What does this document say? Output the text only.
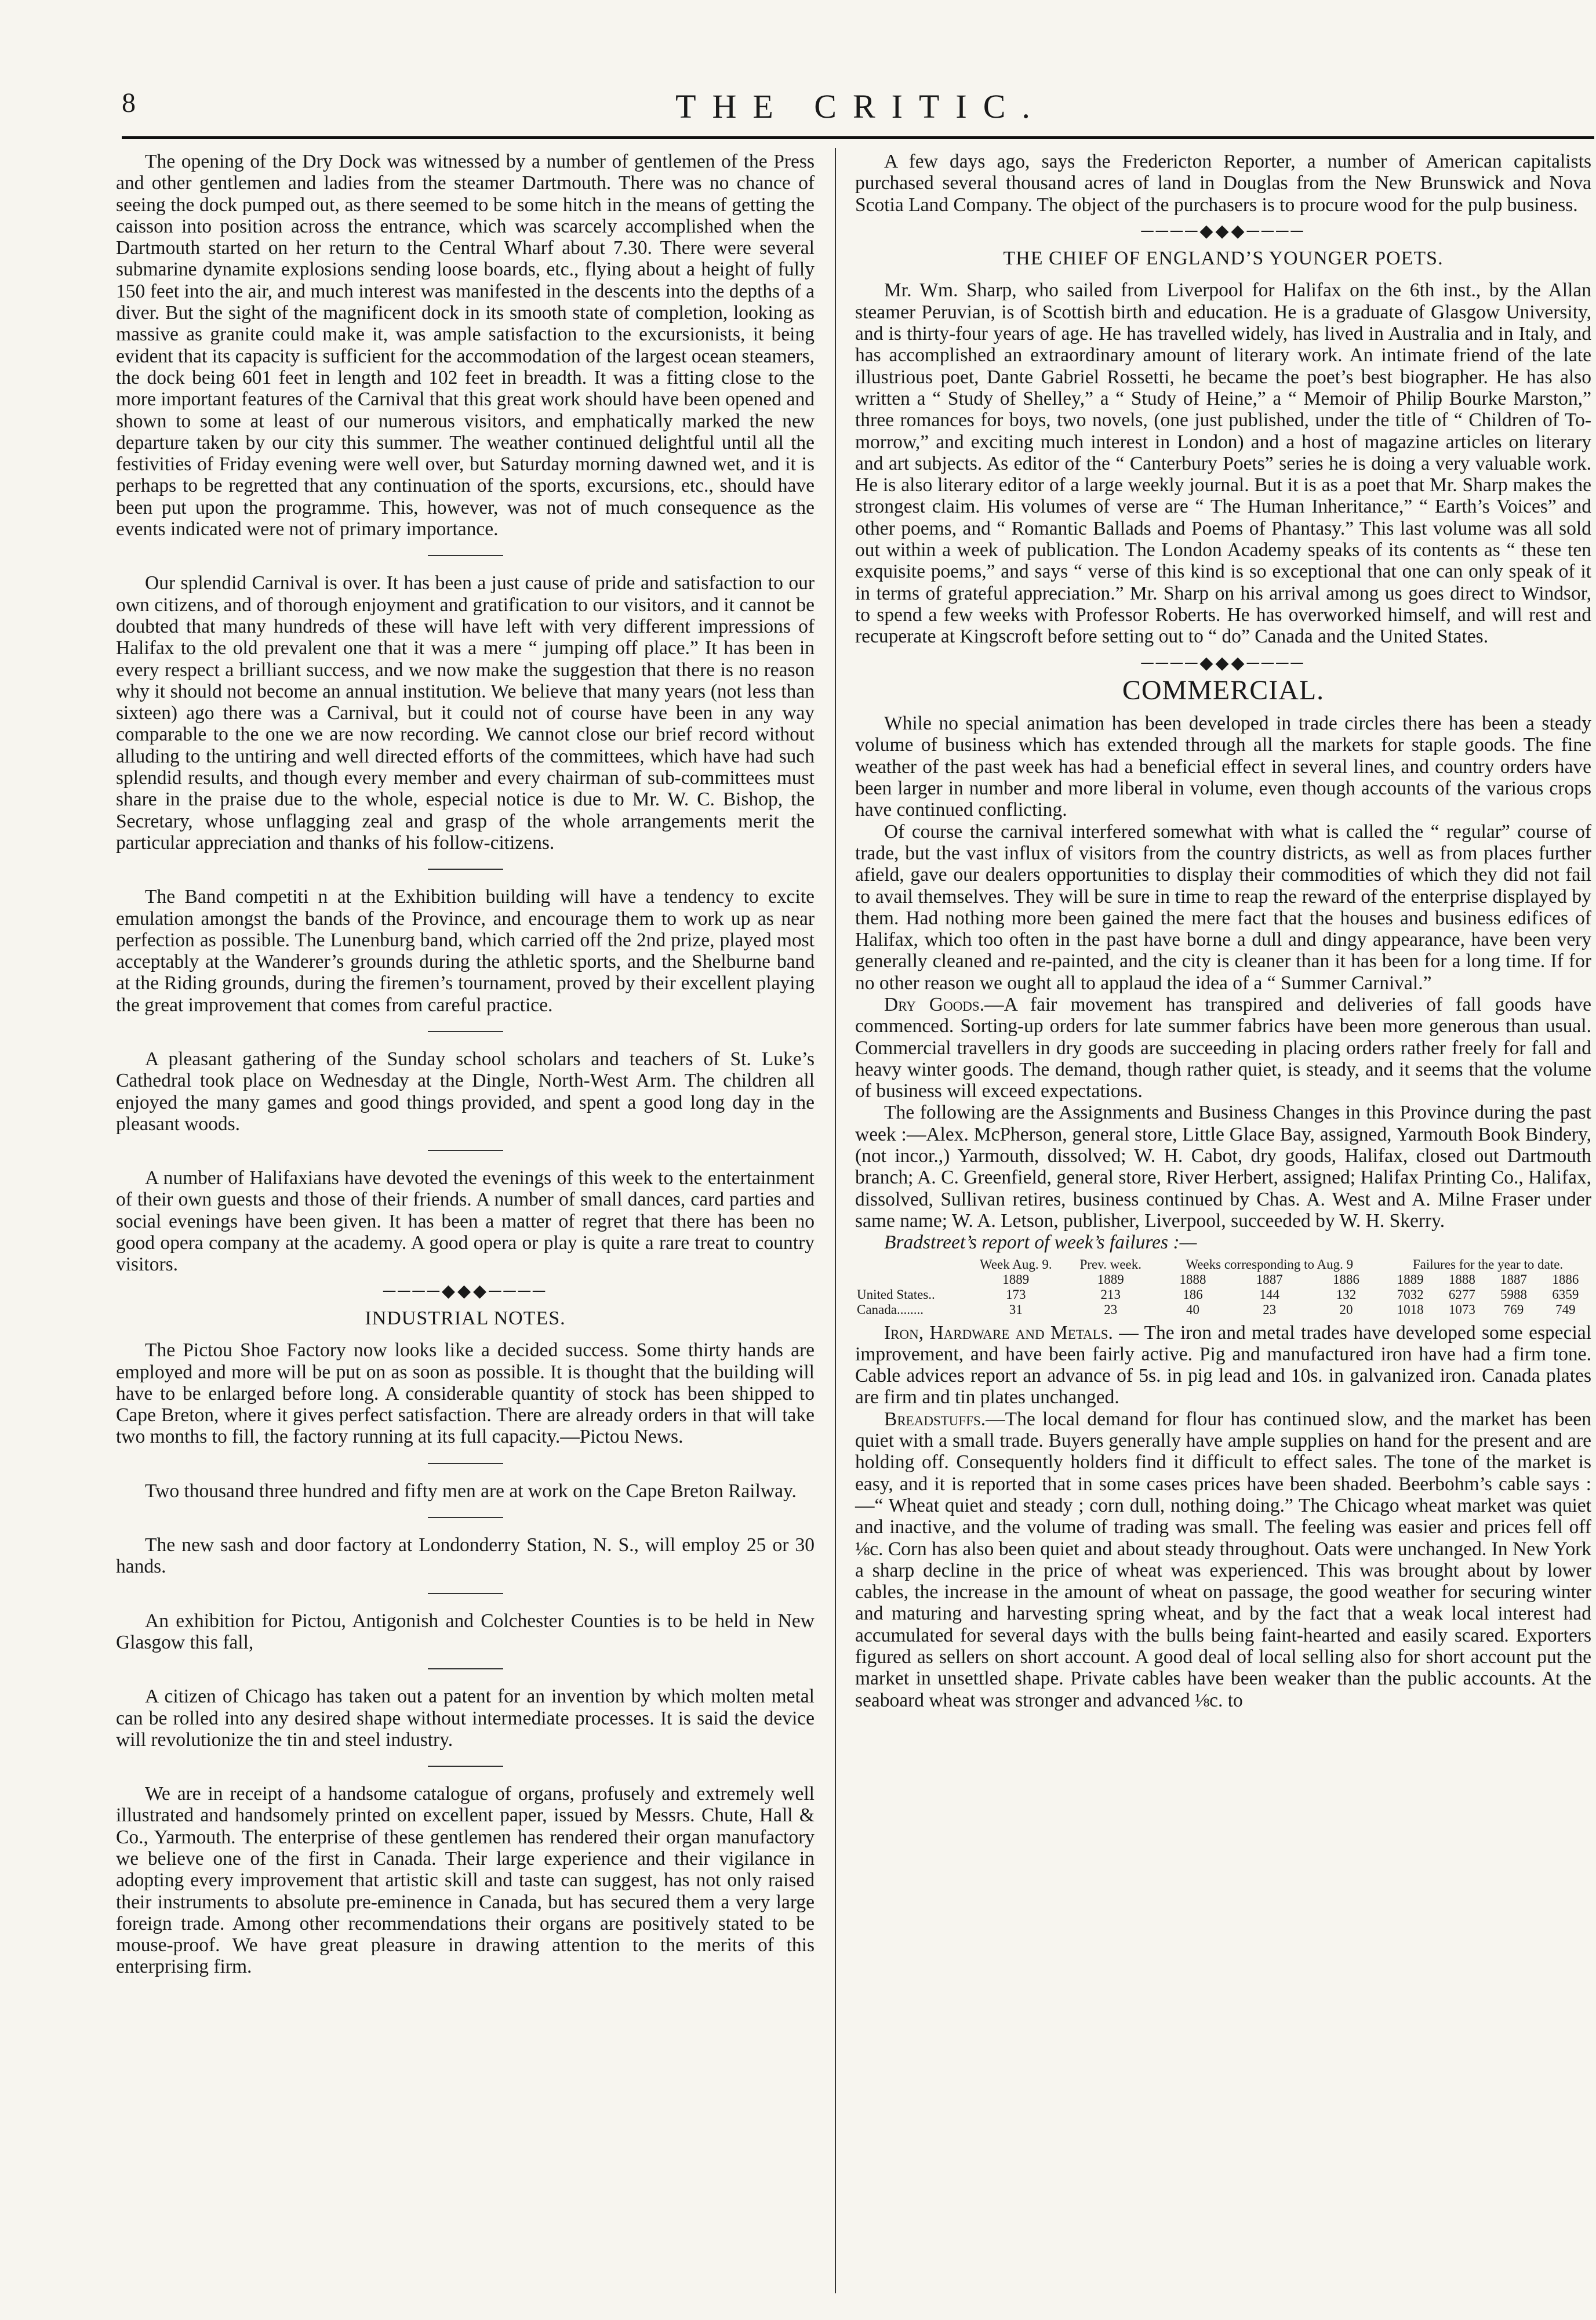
8	THE CRITIC.

The opening of the Dry Dock was witnessed by a number of gentlemen of the Press and other gentlemen and ladies from the steamer Dartmouth. There was no chance of seeing the dock pumped out, as there seemed to be some hitch in the means of getting the caisson into position across the entrance, which was scarcely accomplished when the Dartmouth started on her return to the Central Wharf about 7.30. There were several submarine dynamite explosions sending loose boards, etc., flying about a height of fully 150 feet into the air, and much interest was manifested in the descents into the depths of a diver. But the sight of the magnificent dock in its smooth state of completion, looking as massive as granite could make it, was ample satisfaction to the excursionists, it being evident that its capacity is sufficient for the accommodation of the largest ocean steamers, the dock being 601 feet in length and 102 feet in breadth. It was a fitting close to the more important features of the Carnival that this great work should have been opened and shown to some at least of our numerous visitors, and emphatically marked the new departure taken by our city this summer. The weather continued delightful until all the festivities of Friday evening were well over, but Saturday morning dawned wet, and it is perhaps to be regretted that any continuation of the sports, excursions, etc., should have been put upon the programme. This, however, was not of much consequence as the events indicated were not of primary importance.

Our splendid Carnival is over. It has been a just cause of pride and satisfaction to our own citizens, and of thorough enjoyment and gratification to our visitors, and it cannot be doubted that many hundreds of these will have left with very different impressions of Halifax to the old prevalent one that it was a mere “ jumping off place.” It has been in every respect a brilliant success, and we now make the suggestion that there is no reason why it should not become an annual institution. We believe that many years (not less than sixteen) ago there was a Carnival, but it could not of course have been in any way comparable to the one we are now recording. We cannot close our brief record without alluding to the untiring and well directed efforts of the committees, which have had such splendid results, and though every member and every chairman of sub-committees must share in the praise due to the whole, especial notice is due to Mr. W. C. Bishop, the Secretary, whose unflagging zeal and grasp of the whole arrangements merit the particular appreciation and thanks of his follow-citizens.

The Band competiti n at the Exhibition building will have a tendency to excite emulation amongst the bands of the Province, and encourage them to work up as near perfection as possible. The Lunenburg band, which carried off the 2nd prize, played most acceptably at the Wanderer’s grounds during the athletic sports, and the Shelburne band at the Riding grounds, during the firemen’s tournament, proved by their excellent playing the great improvement that comes from careful practice.

A pleasant gathering of the Sunday school scholars and teachers of St. Luke’s Cathedral took place on Wednesday at the Dingle, North-West Arm. The children all enjoyed the many games and good things provided, and spent a good long day in the pleasant woods.

A number of Halifaxians have devoted the evenings of this week to the entertainment of their own guests and those of their friends. A number of small dances, card parties and social evenings have been given. It has been a matter of regret that there has been no good opera company at the academy. A good opera or play is quite a rare treat to country visitors.

────◆◆◆────
INDUSTRIAL NOTES.

The Pictou Shoe Factory now looks like a decided success. Some thirty hands are employed and more will be put on as soon as possible. It is thought that the building will have to be enlarged before long. A considerable quantity of stock has been shipped to Cape Breton, where it gives perfect satisfaction. There are already orders in that will take two months to fill, the factory running at its full capacity.—Pictou News.

Two thousand three hundred and fifty men are at work on the Cape Breton Railway.

The new sash and door factory at Londonderry Station, N. S., will employ 25 or 30 hands.

An exhibition for Pictou, Antigonish and Colchester Counties is to be held in New Glasgow this fall,

A citizen of Chicago has taken out a patent for an invention by which molten metal can be rolled into any desired shape without intermediate processes. It is said the device will revolutionize the tin and steel industry.

We are in receipt of a handsome catalogue of organs, profusely and extremely well illustrated and handsomely printed on excellent paper, issued by Messrs. Chute, Hall & Co., Yarmouth. The enterprise of these gentlemen has rendered their organ manufactory we believe one of the first in Canada. Their large experience and their vigilance in adopting every improvement that artistic skill and taste can suggest, has not only raised their instruments to absolute pre-eminence in Canada, but has secured them a very large foreign trade. Among other recommendations their organs are positively stated to be mouse-proof. We have great pleasure in drawing attention to the merits of this enterprising firm.

A few days ago, says the Fredericton Reporter, a number of American capitalists purchased several thousand acres of land in Douglas from the New Brunswick and Nova Scotia Land Company. The object of the purchasers is to procure wood for the pulp business.

────◆◆◆────
THE CHIEF OF ENGLAND’S YOUNGER POETS.

Mr. Wm. Sharp, who sailed from Liverpool for Halifax on the 6th inst., by the Allan steamer Peruvian, is of Scottish birth and education. He is a graduate of Glasgow University, and is thirty-four years of age. He has travelled widely, has lived in Australia and in Italy, and has accomplished an extraordinary amount of literary work. An intimate friend of the late illustrious poet, Dante Gabriel Rossetti, he became the poet’s best biographer. He has also written a “ Study of Shelley,” a “ Study of Heine,” a “ Memoir of Philip Bourke Marston,” three romances for boys, two novels, (one just published, under the title of “ Children of To-morrow,” and exciting much interest in London) and a host of magazine articles on literary and art subjects. As editor of the “ Canterbury Poets” series he is doing a very valuable work. He is also literary editor of a large weekly journal. But it is as a poet that Mr. Sharp makes the strongest claim. His volumes of verse are “ The Human Inheritance,” “ Earth’s Voices” and other poems, and “ Romantic Ballads and Poems of Phantasy.” This last volume was all sold out within a week of publication. The London Academy speaks of its contents as “ these ten exquisite poems,” and says “ verse of this kind is so exceptional that one can only speak of it in terms of grateful appreciation.” Mr. Sharp on his arrival among us goes direct to Windsor, to spend a few weeks with Professor Roberts. He has overworked himself, and will rest and recuperate at Kingscroft before setting out to “ do” Canada and the United States.

────◆◆◆────
COMMERCIAL.

While no special animation has been developed in trade circles there has been a steady volume of business which has extended through all the markets for staple goods. The fine weather of the past week has had a beneficial effect in several lines, and country orders have been larger in number and more liberal in volume, even though accounts of the various crops have continued conflicting.

Of course the carnival interfered somewhat with what is called the “ regular” course of trade, but the vast influx of visitors from the country districts, as well as from places further afield, gave our dealers opportunities to display their commodities of which they did not fail to avail themselves. They will be sure in time to reap the reward of the enterprise displayed by them. Had nothing more been gained the mere fact that the houses and business edifices of Halifax, which too often in the past have borne a dull and dingy appearance, have been very generally cleaned and re-painted, and the city is cleaner than it has been for a long time. If for no other reason we ought all to applaud the idea of a “ Summer Carnival.”

Dry Goods.—A fair movement has transpired and deliveries of fall goods have commenced. Sorting-up orders for late summer fabrics have been more generous than usual. Commercial travellers in dry goods are succeeding in placing orders rather freely for fall and heavy winter goods. The demand, though rather quiet, is steady, and it seems that the volume of business will exceed expectations.

The following are the Assignments and Business Changes in this Province during the past week :—Alex. McPherson, general store, Little Glace Bay, assigned, Yarmouth Book Bindery, (not incor.,) Yarmouth, dissolved; W. H. Cabot, dry goods, Halifax, closed out Dartmouth branch; A. C. Greenfield, general store, River Herbert, assigned; Halifax Printing Co., Halifax, dissolved, Sullivan retires, business continued by Chas. A. West and A. Milne Fraser under same name; W. A. Letson, publisher, Liverpool, succeeded by W. H. Skerry.

Bradstreet’s report of week’s failures :—

	Week Aug. 9.	Prev. week.	Weeks corresponding to Aug. 9			Failures for the year to date.			
	1889	1889	1888	1887	1886	1889	1888	1887	1886
United States..	173	213	186	144	132	7032	6277	5988	6359
Canada........	31	23	40	23	20	1018	1073	769	749

Iron, Hardware and Metals. — The iron and metal trades have developed some especial improvement, and have been fairly active. Pig and manufactured iron have had a firm tone. Cable advices report an advance of 5s. in pig lead and 10s. in galvanized iron. Canada plates are firm and tin plates unchanged.

Breadstuffs.—The local demand for flour has continued slow, and the market has been quiet with a small trade. Buyers generally have ample supplies on hand for the present and are holding off. Consequently holders find it difficult to effect sales. The tone of the market is easy, and it is reported that in some cases prices have been shaded. Beerbohm’s cable says :—“ Wheat quiet and steady ; corn dull, nothing doing.” The Chicago wheat market was quiet and inactive, and the volume of trading was small. The feeling was easier and prices fell off ⅛c. Corn has also been quiet and about steady throughout. Oats were unchanged. In New York a sharp decline in the price of wheat was experienced. This was brought about by lower cables, the increase in the amount of wheat on passage, the good weather for securing winter and maturing and harvesting spring wheat, and by the fact that a weak local interest had accumulated for several days with the bulls being faint-hearted and easily scared. Exporters figured as sellers on short account. A good deal of local selling also for short account put the market in unsettled shape. Private cables have been weaker than the public accounts. At the seaboard wheat was stronger and advanced ⅛c. to
